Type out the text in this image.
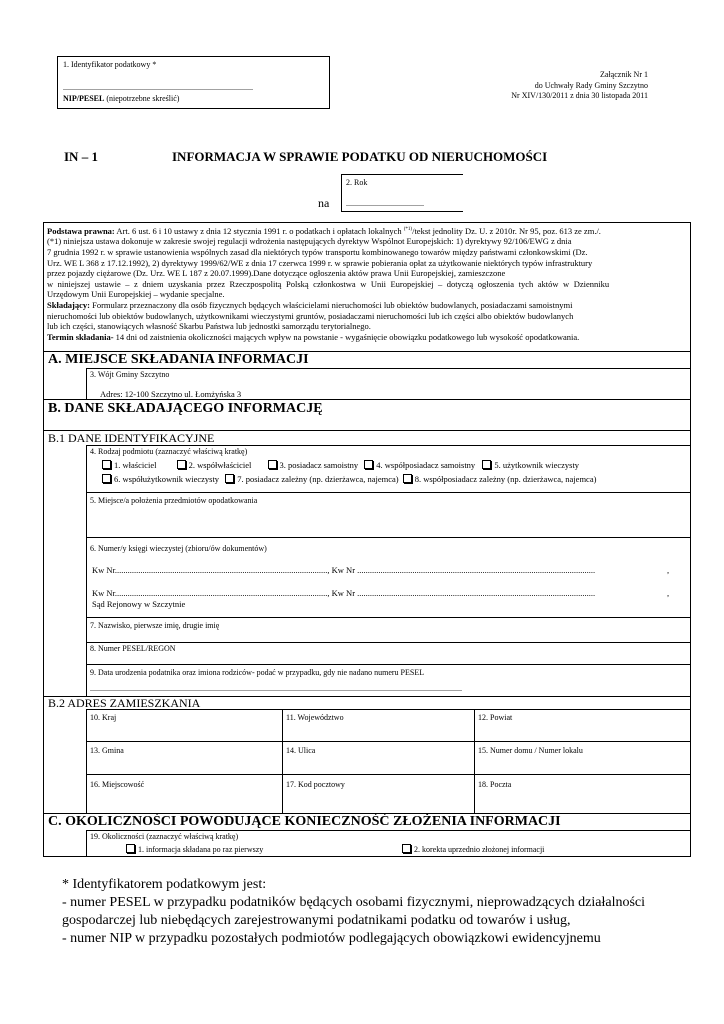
1. Identyfikator podatkowy *
...............................................................................................
NIP/PESEL (niepotrzebne skreślić)
Załącznik Nr 1
do Uchwały Rady Gminy Szczytno
Nr XIV/130/2011 z dnia 30 listopada 2011
IN – 1	INFORMACJA W SPRAWIE PODATKU OD NIERUCHOMOŚCI
na
2. Rok
.......................................
Podstawa prawna: Art. 6 ust. 6 i 10 ustawy z dnia 12 stycznia 1991 r. o podatkach i opłatach lokalnych $^{(*1)}$/tekst jednolity Dz. U. z 2010r. Nr 95, poz. 613 ze zm./.
(*1) niniejsza ustawa dokonuje w zakresie swojej regulacji wdrożenia następujących dyrektyw Wspólnot Europejskich: 1) dyrektywy 92/106/EWG z dnia
7 grudnia 1992 r. w sprawie ustanowienia wspólnych zasad dla niektórych typów transportu kombinowanego towarów między państwami członkowskimi (Dz.
Urz. WE L 368 z 17.12.1992), 2) dyrektywy 1999/62/WE z dnia 17 czerwca 1999 r. w sprawie pobierania opłat za użytkowanie niektórych typów infrastruktury
przez pojazdy ciężarowe (Dz. Urz. WE L 187 z 20.07.1999).Dane dotyczące ogłoszenia aktów prawa Unii Europejskiej, zamieszczone
w niniejszej ustawie – z dniem uzyskania przez Rzeczpospolitą Polską członkostwa w Unii Europejskiej – dotyczą ogłoszenia tych aktów w Dzienniku
Urzędowym Unii Europejskiej – wydanie specjalne.
Składający: Formularz przeznaczony dla osób fizycznych będących właścicielami nieruchomości lub obiektów budowlanych, posiadaczami samoistnymi
nieruchomości lub obiektów budowlanych, użytkownikami wieczystymi gruntów, posiadaczami nieruchomości lub ich części albo obiektów budowlanych
lub ich części, stanowiących własność Skarbu Państwa lub jednostki samorządu terytorialnego.
Termin składania- 14 dni od zaistnienia okoliczności mających wpływ na powstanie - wygaśnięcie obowiązku podatkowego lub wysokość opodatkowania.
A. MIEJSCE SKŁADANIA INFORMACJI
3. Wójt Gminy Szczytno
Adres: 12-100 Szczytno ul. Łomżyńska 3
B. DANE SKŁADAJĄCEGO INFORMACJĘ
B.1 DANE IDENTYFIKACYJNE
4. Rodzaj podmiotu (zaznaczyć właściwą kratkę)
1. właściciel	2. współwłaściciel	3. posiadacz samoistny 4. współposiadacz samoistny 5. użytkownik wieczysty
6. współużytkownik wieczysty 7. posiadacz zależny (np. dzierżawca, najemca) 8. współposiadacz zależny (np. dzierżawca, najemca)
5. Miejsce/a położenia przedmiotów opodatkowania
6. Numer/y księgi wieczystej (zbioru/ów dokumentów)
Kw Nr...................................................................................................., Kw Nr ................................................................................................................	,
Kw Nr...................................................................................................., Kw Nr ................................................................................................................	,
Sąd Rejonowy w Szczytnie
7. Nazwisko, pierwsze imię, drugie imię
8. Numer PESEL/REGON
9. Data urodzenia podatnika oraz imiona rodziców- podać w przypadku, gdy nie nadano numeru PESEL
..........................................................................................................................................................................................
B.2 ADRES ZAMIESZKANIA
10. Kraj	11. Województwo	12. Powiat
13. Gmina	14. Ulica	15. Numer domu / Numer lokalu
16. Miejscowość	17. Kod pocztowy	18. Poczta
C. OKOLICZNOŚCI POWODUJĄCE KONIECZNOŚĆ ZŁOŻENIA INFORMACJI
19. Okoliczności (zaznaczyć właściwą kratkę)
1. informacja składana po raz pierwszy	2. korekta uprzednio złożonej informacji
* Identyfikatorem podatkowym jest:
- numer PESEL w przypadku podatników będących osobami fizycznymi, nieprowadzących działalności
gospodarczej lub niebędących zarejestrowanymi podatnikami podatku od towarów i usług,
- numer NIP w przypadku pozostałych podmiotów podlegających obowiązkowi ewidencyjnemu
